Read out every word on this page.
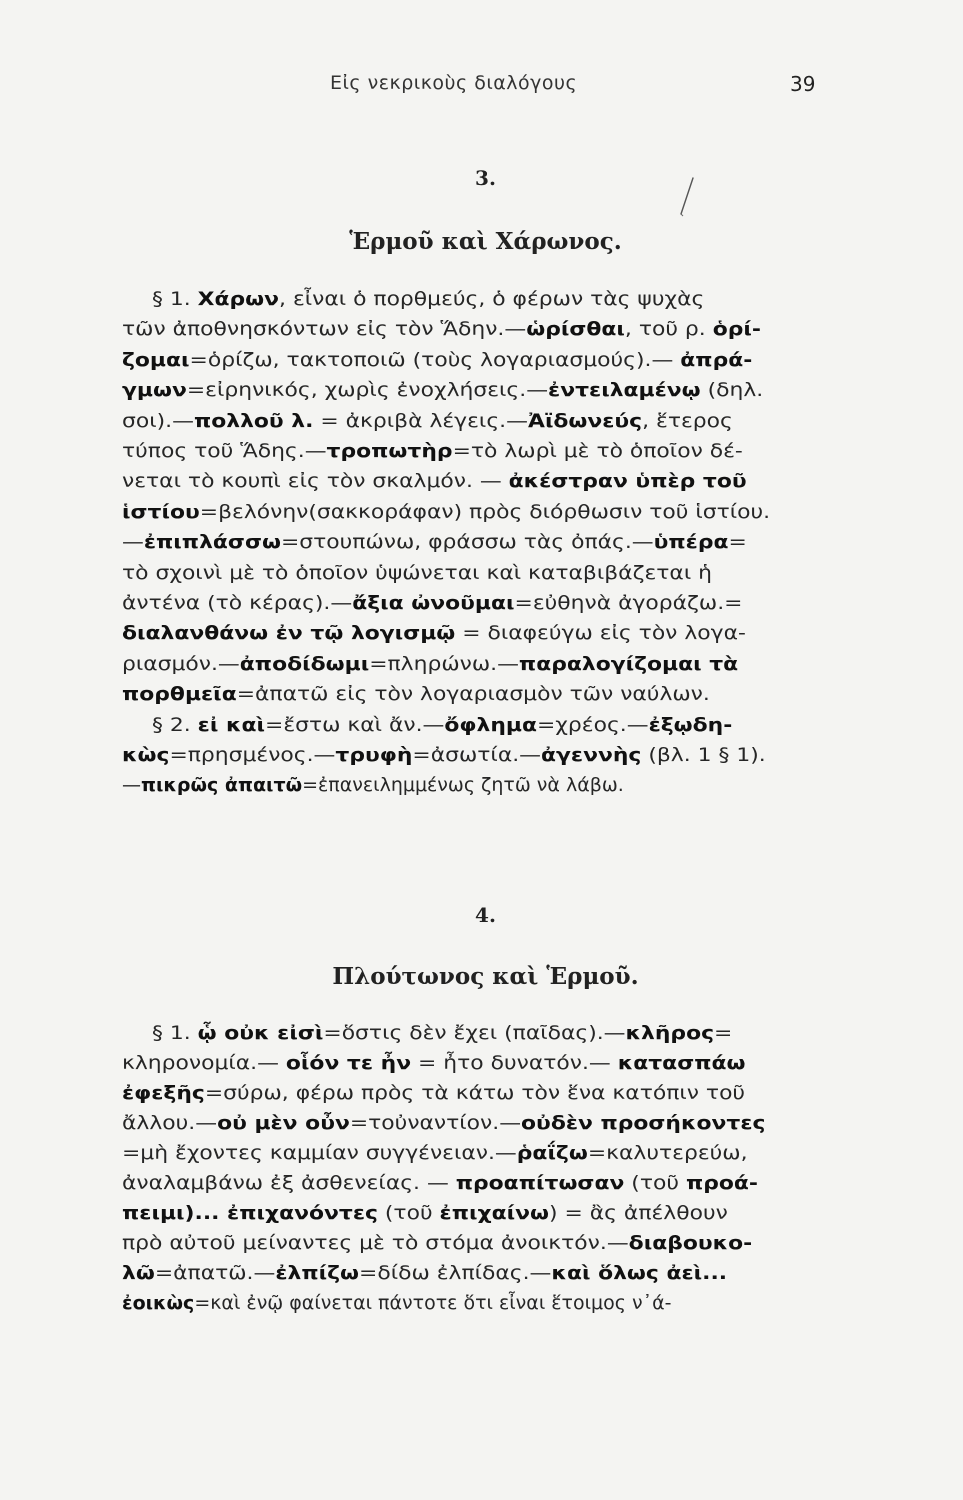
Εἰς νεκρικοὺς διαλόγους	39
3.
Ἑρμοῦ καὶ Χάρωνος.
§ 1. Χάρων, εἶναι ὁ πορθμεύς, ὁ φέρων τὰς ψυχὰς
τῶν ἀποθνησκόντων εἰς τὸν Ἅδην.—ὡρίσθαι, τοῦ ρ. ὁρί-
ζομαι=ὁρίζω, τακτοποιῶ (τοὺς λογαριασμούς).— ἀπρά-
γμων=εἰρηνικός, χωρὶς ἐνοχλήσεις.—ἐντειλαμένῳ (δηλ.
σοι).—πολλοῦ λ. = ἀκριβὰ λέγεις.—Ἀϊδωνεύς, ἕτερος
τύπος τοῦ Ἅδης.—τροπωτὴρ=τὸ λωρὶ μὲ τὸ ὁποῖον δέ-
νεται τὸ κουπὶ εἰς τὸν σκαλμόν. — ἀκέστραν ὑπὲρ τοῦ
ἱστίου=βελόνην(σακκοράφαν) πρὸς διόρθωσιν τοῦ ἱστίου.
—ἐπιπλάσσω=στουπώνω, φράσσω τὰς ὀπάς.—ὑπέρα=
τὸ σχοινὶ μὲ τὸ ὁποῖον ὑψώνεται καὶ καταβιβάζεται ἡ
ἀντένα (τὸ κέρας).—ἄξια ὠνοῦμαι=εὐθηνὰ ἀγοράζω.=
διαλανθάνω ἐν τῷ λογισμῷ = διαφεύγω εἰς τὸν λογα-
ριασμόν.—ἀποδίδωμι=πληρώνω.—παραλογίζομαι τὰ
πορθμεῖα=ἀπατῶ εἰς τὸν λογαριασμὸν τῶν ναύλων.
§ 2. εἰ καὶ=ἔστω καὶ ἄν.—ὄφλημα=χρέος.—ἐξῳδη-
κὼς=πρησμένος.—τρυφὴ=ἀσωτία.—ἀγεννὴς (βλ. 1 § 1).
—πικρῶς ἀπαιτῶ=ἐπανειλημμένως ζητῶ νὰ λάβω.
4.
Πλούτωνος καὶ Ἑρμοῦ.
§ 1. ᾧ οὐκ εἰσὶ=ὅστις δὲν ἔχει (παῖδας).—κλῆρος=
κληρονομία.— οἷόν τε ἦν = ἦτο δυνατόν.— κατασπάω
ἐφεξῆς=σύρω, φέρω πρὸς τὰ κάτω τὸν ἕνα κατόπιν τοῦ
ἄλλου.—οὐ μὲν οὖν=τοὐναντίον.—οὐδὲν προσήκοντες
=μὴ ἔχοντες καμμίαν συγγένειαν.—ῥαΐζω=καλυτερεύω,
ἀναλαμβάνω ἐξ ἀσθενείας. — προαπίτωσαν (τοῦ προά-
πειμι)... ἐπιχανόντες (τοῦ ἐπιχαίνω) = ἂς ἀπέλθουν
πρὸ αὐτοῦ μείναντες μὲ τὸ στόμα ἀνοικτόν.—διαβουκο-
λῶ=ἀπατῶ.—ἐλπίζω=δίδω ἐλπίδας.—καὶ ὅλως ἀεὶ...
ἐοικὼς=καὶ ἐνῷ φαίνεται πάντοτε ὅτι εἶναι ἕτοιμος ν᾽ά-
